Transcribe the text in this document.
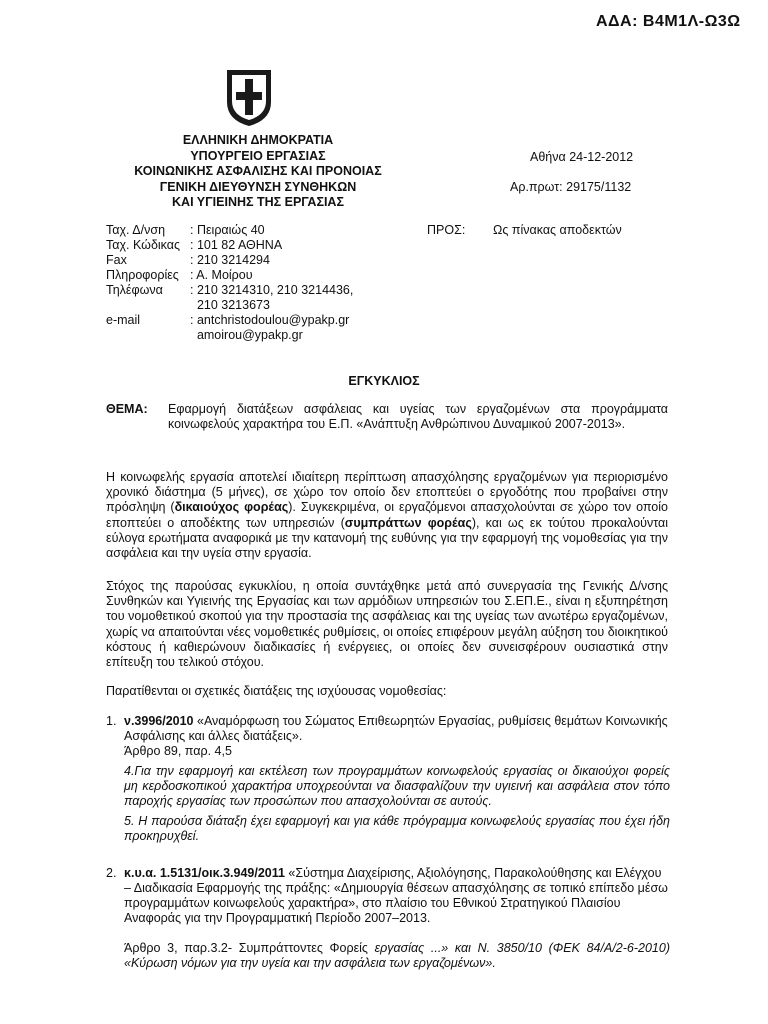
ΑΔΑ: Β4Μ1Λ-Ω3Ω
ΕΛΛΗΝΙΚΗ ΔΗΜΟΚΡΑΤΙΑ
ΥΠΟΥΡΓΕΙΟ ΕΡΓΑΣΙΑΣ
ΚΟΙΝΩΝΙΚΗΣ ΑΣΦΑΛΙΣΗΣ ΚΑΙ ΠΡΟΝΟΙΑΣ
ΓΕΝΙΚΗ ΔΙΕΥΘΥΝΣΗ ΣΥΝΘΗΚΩΝ
ΚΑΙ ΥΓΙΕΙΝΗΣ ΤΗΣ ΕΡΓΑΣΙΑΣ
Αθήνα 24-12-2012
Αρ.πρωτ: 29175/1132
Ταχ. Δ/νση	: Πειραιώς 40
Ταχ. Κώδικας : 101 82 ΑΘΗΝΑ
Fax	: 210 3214294
Πληροφορίες : Α. Μοίρου
Τηλέφωνα	: 210 3214310, 210 3214436,
210 3213673
e-mail	: antchristodoulou@ypakp.gr
amoirou@ypakp.gr
ΠΡΟΣ: Ως πίνακας αποδεκτών
ΕΓΚΥΚΛΙΟΣ
ΘΕΜΑ: Εφαρμογή διατάξεων ασφάλειας και υγείας των εργαζομένων στα προγράμματα κοινωφελούς χαρακτήρα του Ε.Π. «Ανάπτυξη Ανθρώπινου Δυναμικού 2007-2013».
Η κοινωφελής εργασία αποτελεί ιδιαίτερη περίπτωση απασχόλησης εργαζομένων για περιορισμένο χρονικό διάστημα (5 μήνες), σε χώρο τον οποίο δεν εποπτεύει ο εργοδότης που προβαίνει στην πρόσληψη (δικαιούχος φορέας). Συγκεκριμένα, οι εργαζόμενοι απασχολούνται σε χώρο τον οποίο εποπτεύει ο αποδέκτης των υπηρεσιών (συμπράττων φορέας), και ως εκ τούτου προκαλούνται εύλογα ερωτήματα αναφορικά με την κατανομή της ευθύνης για την εφαρμογή της νομοθεσίας για την ασφάλεια και την υγεία στην εργασία.
Στόχος της παρούσας εγκυκλίου, η οποία συντάχθηκε μετά από συνεργασία της Γενικής Δ/νσης Συνθηκών και Υγιεινής της Εργασίας και των αρμόδιων υπηρεσιών του Σ.ΕΠ.Ε., είναι η εξυπηρέτηση του νομοθετικού σκοπού για την προστασία της ασφάλειας και της υγείας των ανωτέρω εργαζομένων, χωρίς να απαιτούνται νέες νομοθετικές ρυθμίσεις, οι οποίες επιφέρουν μεγάλη αύξηση του διοικητικού κόστους ή καθιερώνουν διαδικασίες ή ενέργειες, οι οποίες δεν συνεισφέρουν ουσιαστικά στην επίτευξη του τελικού στόχου.
Παρατίθενται οι σχετικές διατάξεις της ισχύουσας νομοθεσίας:
1. ν.3996/2010 «Αναμόρφωση του Σώματος Επιθεωρητών Εργασίας, ρυθμίσεις θεμάτων Κοινωνικής Ασφάλισης και άλλες διατάξεις».
Άρθρο 89, παρ. 4,5
4.Για την εφαρμογή και εκτέλεση των προγραμμάτων κοινωφελούς εργασίας οι δικαιούχοι φορείς μη κερδοσκοπικού χαρακτήρα υποχρεούνται να διασφαλίζουν την υγιεινή και ασφάλεια στον τόπο παροχής εργασίας των προσώπων που απασχολούνται σε αυτούς.
5. Η παρούσα διάταξη έχει εφαρμογή και για κάθε πρόγραμμα κοινωφελούς εργασίας που έχει ήδη προκηρυχθεί.
2. κ.υ.α. 1.5131/οικ.3.949/2011 «Σύστημα Διαχείρισης, Αξιολόγησης, Παρακολούθησης και Ελέγχου – Διαδικασία Εφαρμογής της πράξης: «Δημιουργία θέσεων απασχόλησης σε τοπικό επίπεδο μέσω προγραμμάτων κοινωφελούς χαρακτήρα», στο πλαίσιο του Εθνικού Στρατηγικού Πλαισίου Αναφοράς για την Προγραμματική Περίοδο 2007–2013.
Άρθρο 3, παρ.3.2- Συμπράττοντες Φορείς εργασίας ...» και Ν. 3850/10 (ΦΕΚ 84/Α/2-6-2010) «Κύρωση νόμων για την υγεία και την ασφάλεια των εργαζομένων».
